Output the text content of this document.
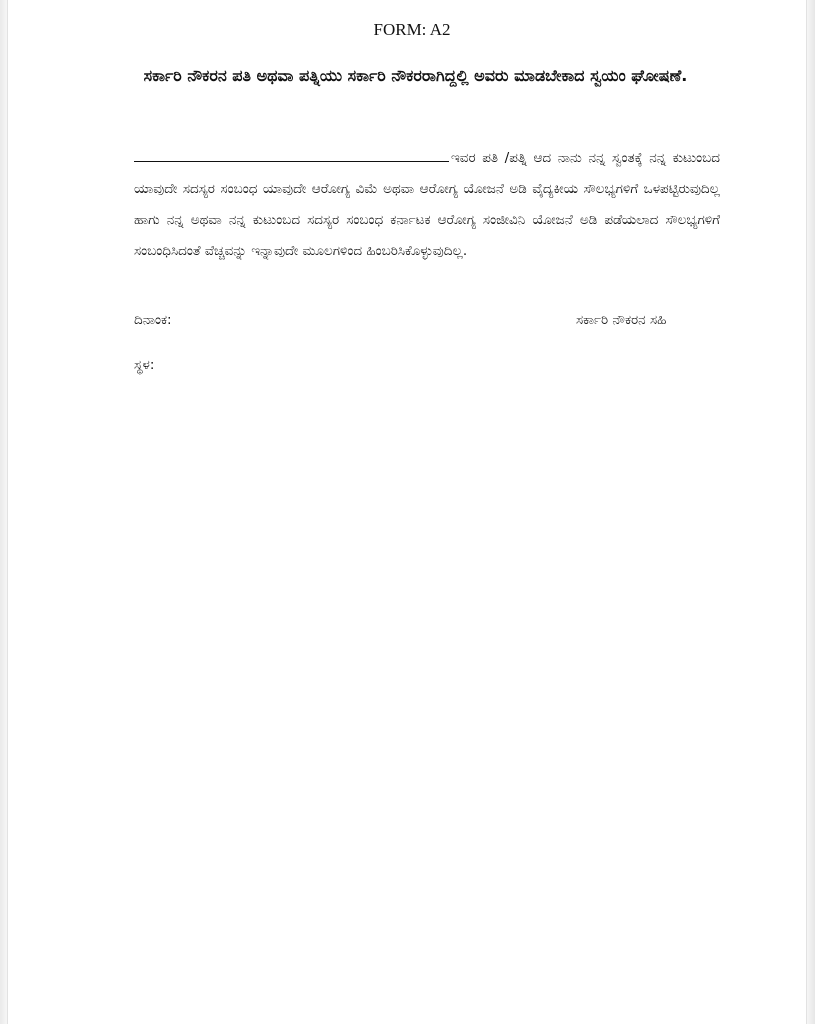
FORM: A2
ಸರ್ಕಾರಿ ನೌಕರನ ಪತಿ ಅಥವಾ ಪತ್ನಿಯು ಸರ್ಕಾರಿ ನೌಕರರಾಗಿದ್ದಲ್ಲಿ ಅವರು ಮಾಡಬೇಕಾದ ಸ್ವಯಂ ಘೋಷಣೆ.
ಇವರ ಪತಿ /ಪತ್ನಿ ಆದ ನಾನು ನನ್ನ ಸ್ವಂತಕ್ಕೆ ನನ್ನ ಕುಟುಂಬದ ಯಾವುದೇ ಸದಸ್ಯರ ಸಂಬಂಧ ಯಾವುದೇ ಆರೋಗ್ಯ ವಿಮೆ ಅಥವಾ ಆರೋಗ್ಯ ಯೋಜನೆ ಅಡಿ ವೈದ್ಯಕೀಯ ಸೌಲಭ್ಯಗಳಿಗೆ ಒಳಪಟ್ಟಿರುವುದಿಲ್ಲ ಹಾಗು ನನ್ನ ಅಥವಾ ನನ್ನ ಕುಟುಂಬದ ಸದಸ್ಯರ ಸಂಬಂಧ ಕರ್ನಾಟಕ ಆರೋಗ್ಯ ಸಂಜೀವಿನಿ ಯೋಜನೆ ಅಡಿ ಪಡೆಯಲಾದ ಸೌಲಭ್ಯಗಳಿಗೆ ಸಂಬಂಧಿಸಿದಂತೆ ವೆಚ್ಚವನ್ನು ಇನ್ನಾವುದೇ ಮೂಲಗಳಿಂದ ಹಿಂಬರಿಸಿಕೊಳ್ಳುವುದಿಲ್ಲ.
ದಿನಾಂಕ:	ಸರ್ಕಾರಿ ನೌಕರನ ಸಹಿ
ಸ್ಥಳ:
